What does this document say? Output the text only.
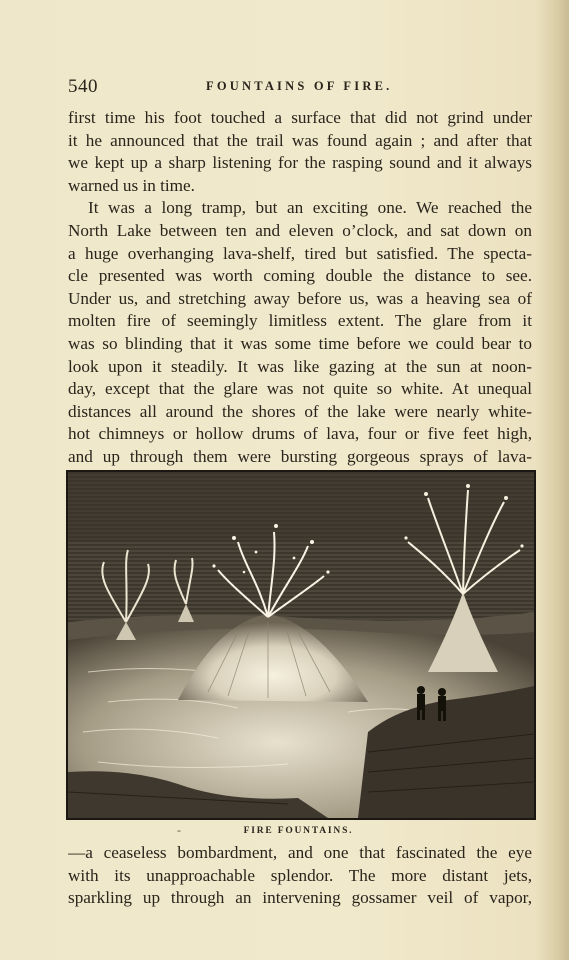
540	FOUNTAINS OF FIRE.
first time his foot touched a surface that did not grind under
it he announced that the trail was found again ; and after that
we kept up a sharp listening for the rasping sound and it always
warned us in time.
It was a long tramp, but an exciting one. We reached the
North Lake between ten and eleven o’clock, and sat down on
a huge overhanging lava-shelf, tired but satisfied. The specta-
cle presented was worth coming double the distance to see.
Under us, and stretching away before us, was a heaving sea of
molten fire of seemingly limitless extent. The glare from it
was so blinding that it was some time before we could bear to
look upon it steadily. It was like gazing at the sun at noon-
day, except that the glare was not quite so white. At unequal
distances all around the shores of the lake were nearly white-
hot chimneys or hollow drums of lava, four or five feet high,
and up through them were bursting gorgeous sprays of lava-
-	FIRE FOUNTAINS.
—a ceaseless bombardment, and one that fascinated the eye
with its unapproachable splendor. The more distant jets,
sparkling up through an intervening gossamer veil of vapor,
